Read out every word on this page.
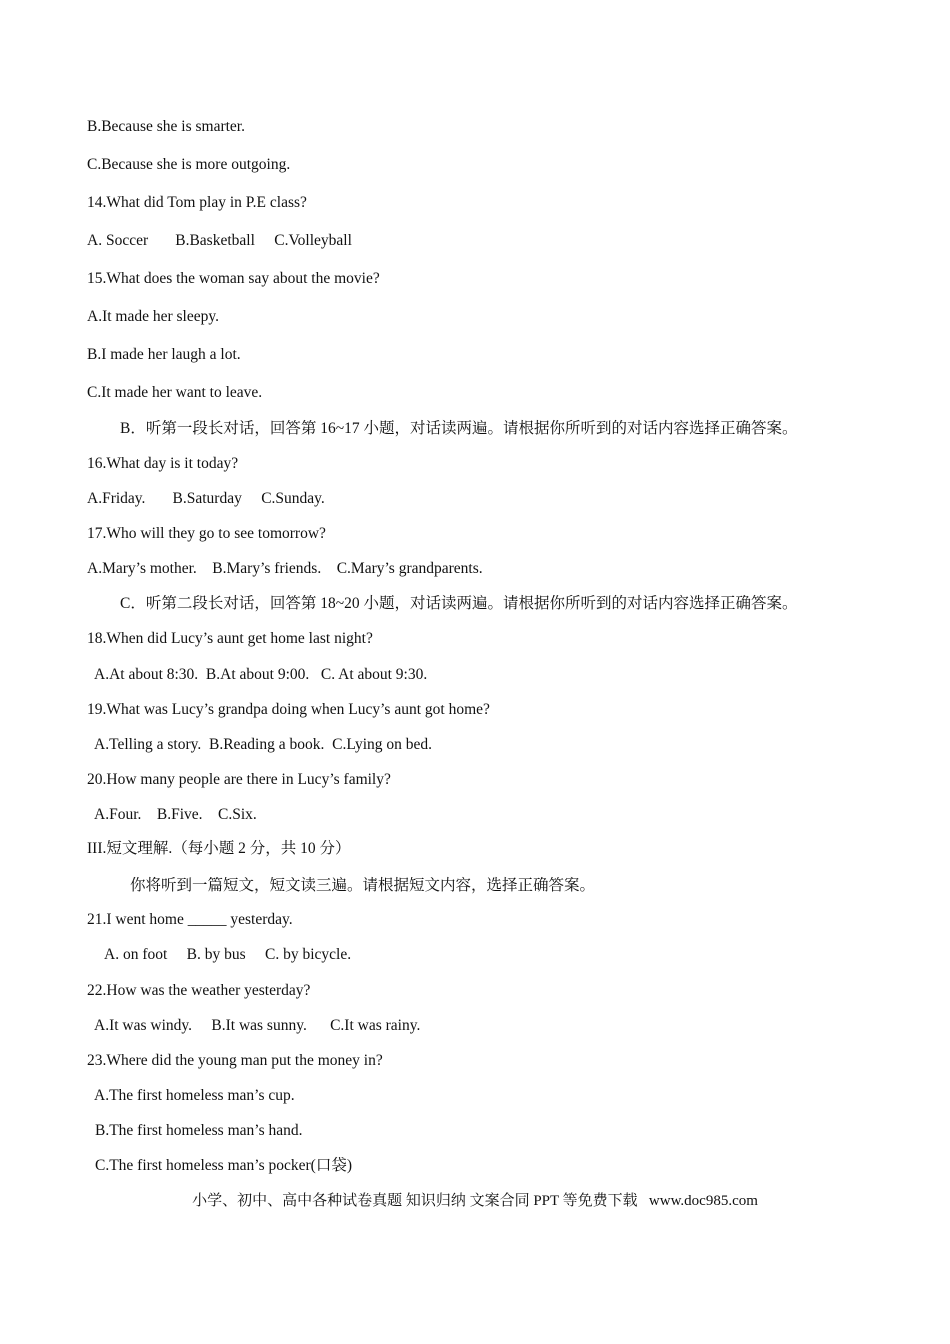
B.Because she is smarter.
C.Because she is more outgoing.
14.What did Tom play in P.E class?
A. Soccer       B.Basketball     C.Volleyball
15.What does the woman say about the movie?
A.It made her sleepy.
B.I made her laugh a lot.
C.It made her want to leave.
B．听第一段长对话，回答第 16~17 小题，对话读两遍。请根据你所听到的对话内容选择正确答案。
16.What day is it today?
A.Friday.       B.Saturday     C.Sunday.
17.Who will they go to see tomorrow?
A.Mary’s mother.    B.Mary’s friends.    C.Mary’s grandparents.
C．听第二段长对话，回答第 18~20 小题，对话读两遍。请根据你所听到的对话内容选择正确答案。
18.When did Lucy’s aunt get home last night?
A.At about 8:30.  B.At about 9:00.   C. At about 9:30.
19.What was Lucy’s grandpa doing when Lucy’s aunt got home?
A.Telling a story.  B.Reading a book.  C.Lying on bed.
20.How many people are there in Lucy’s family?
A.Four.    B.Five.    C.Six.
III.短文理解.（每小题 2 分，共 10 分）
你将听到一篇短文，短文读三遍。请根据短文内容，选择正确答案。
21.I went home _____ yesterday.
A. on foot     B. by bus     C. by bicycle.
22.How was the weather yesterday?
A.It was windy.     B.It was sunny.      C.It was rainy.
23.Where did the young man put the money in?
A.The first homeless man’s cup.
B.The first homeless man’s hand.
C.The first homeless man’s pocker(口袋)
小学、初中、高中各种试卷真题 知识归纳 文案合同 PPT 等免费下载   www.doc985.com
